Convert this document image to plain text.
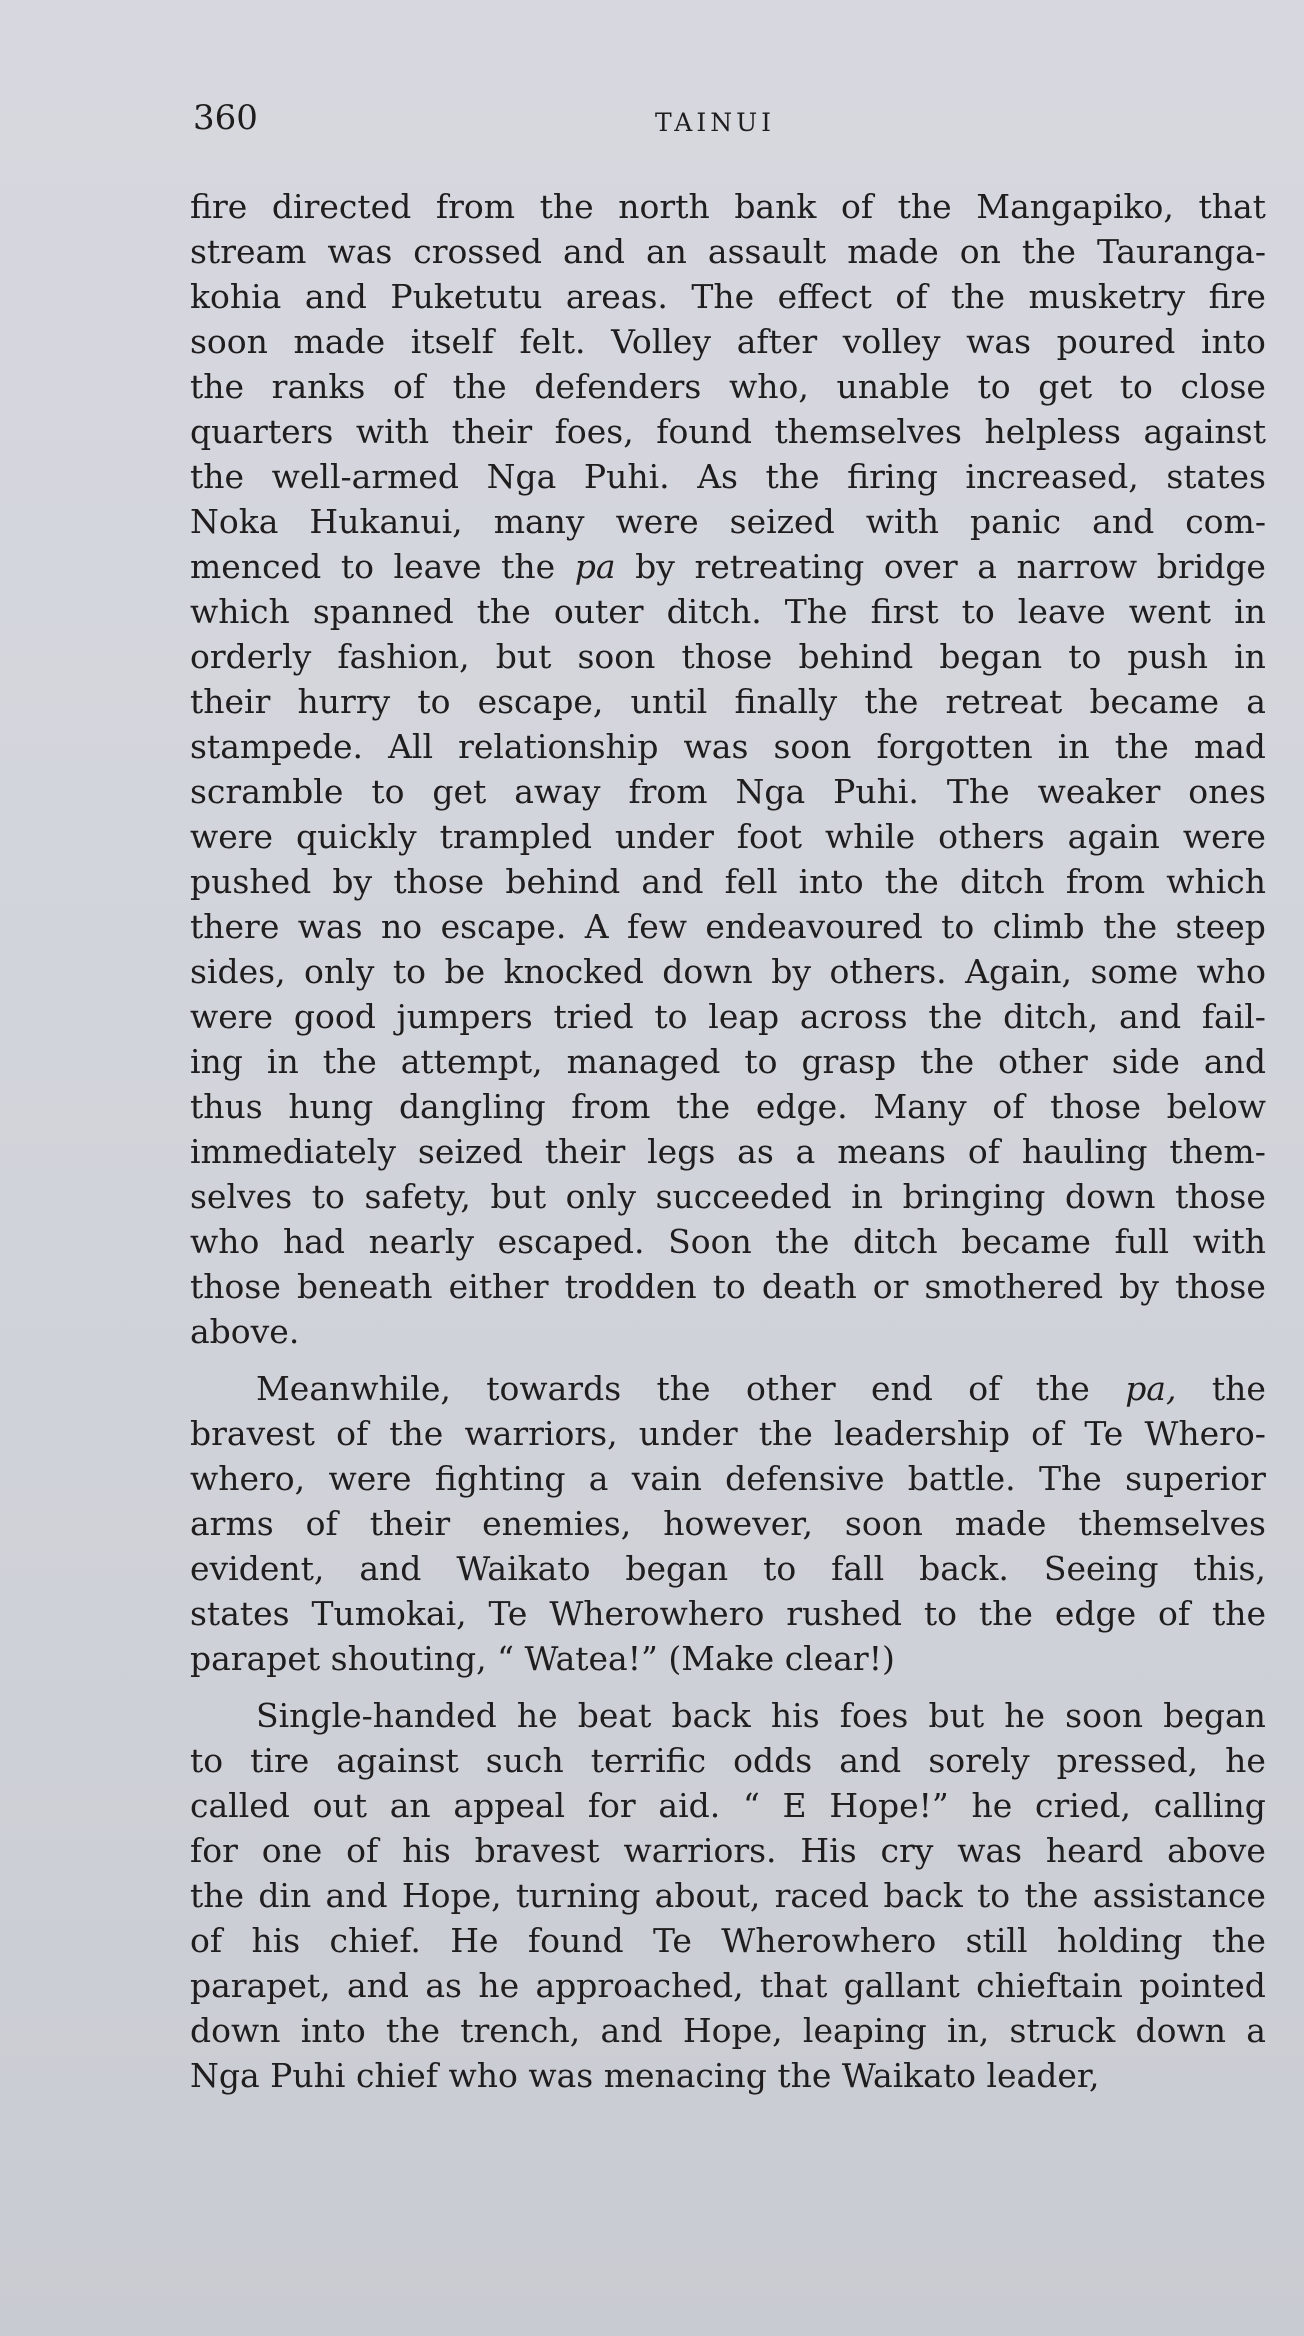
360	TAINUI
fire directed from the north bank of the Mangapiko, that
stream was crossed and an assault made on the Tauranga-
kohia and Puketutu areas. The effect of the musketry fire
soon made itself felt. Volley after volley was poured into
the ranks of the defenders who, unable to get to close
quarters with their foes, found themselves helpless against
the well-armed Nga Puhi. As the firing increased, states
Noka Hukanui, many were seized with panic and com-
menced to leave the pa by retreating over a narrow bridge
which spanned the outer ditch. The first to leave went in
orderly fashion, but soon those behind began to push in
their hurry to escape, until finally the retreat became a
stampede. All relationship was soon forgotten in the mad
scramble to get away from Nga Puhi. The weaker ones
were quickly trampled under foot while others again were
pushed by those behind and fell into the ditch from which
there was no escape. A few endeavoured to climb the steep
sides, only to be knocked down by others. Again, some who
were good jumpers tried to leap across the ditch, and fail-
ing in the attempt, managed to grasp the other side and
thus hung dangling from the edge. Many of those below
immediately seized their legs as a means of hauling them-
selves to safety, but only succeeded in bringing down those
who had nearly escaped. Soon the ditch became full with
those beneath either trodden to death or smothered by those
above.
Meanwhile, towards the other end of the pa, the
bravest of the warriors, under the leadership of Te Whero-
whero, were fighting a vain defensive battle. The superior
arms of their enemies, however, soon made themselves
evident, and Waikato began to fall back. Seeing this,
states Tumokai, Te Wherowhero rushed to the edge of the
parapet shouting, “ Watea!” (Make clear!)
Single-handed he beat back his foes but he soon began
to tire against such terrific odds and sorely pressed, he
called out an appeal for aid. “ E Hope!” he cried, calling
for one of his bravest warriors. His cry was heard above
the din and Hope, turning about, raced back to the assistance
of his chief. He found Te Wherowhero still holding the
parapet, and as he approached, that gallant chieftain pointed
down into the trench, and Hope, leaping in, struck down a
Nga Puhi chief who was menacing the Waikato leader,
